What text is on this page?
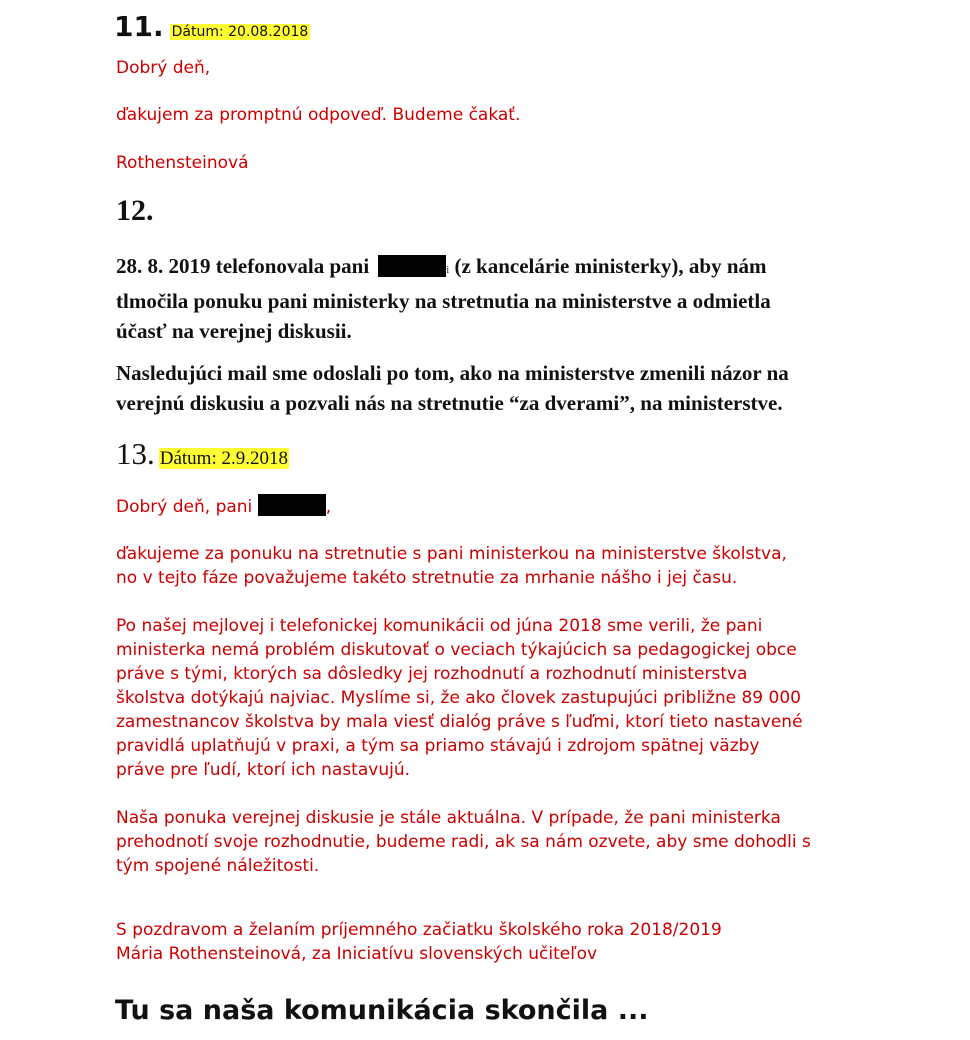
11. Dátum: 20.08.2018
Dobrý deň,
ďakujem za promptnú odpoveď. Budeme čakať.
Rothensteinová
12.
28. 8. 2019 telefonovala pani	i (z kancelárie ministerky), aby nám
tlmočila ponuku pani ministerky na stretnutia na ministerstve a odmietla
účasť na verejnej diskusii.
Nasledujúci mail sme odoslali po tom, ako na ministerstve zmenili názor na
verejnú diskusiu a pozvali nás na stretnutie “za dverami”, na ministerstve.
13. Dátum: 2.9.2018
Dobrý deň, pani	,
ďakujeme za ponuku na stretnutie s pani ministerkou na ministerstve školstva,
no v tejto fáze považujeme takéto stretnutie za mrhanie nášho i jej času.
Po našej mejlovej i telefonickej komunikácii od júna 2018 sme verili, že pani
ministerka nemá problém diskutovať o veciach týkajúcich sa pedagogickej obce
práve s tými, ktorých sa dôsledky jej rozhodnutí a rozhodnutí ministerstva
školstva dotýkajú najviac. Myslíme si, že ako človek zastupujúci približne 89 000
zamestnancov školstva by mala viesť dialóg práve s ľuďmi, ktorí tieto nastavené
pravidlá uplatňujú v praxi, a tým sa priamo stávajú i zdrojom spätnej väzby
práve pre ľudí, ktorí ich nastavujú.
Naša ponuka verejnej diskusie je stále aktuálna. V prípade, že pani ministerka
prehodnotí svoje rozhodnutie, budeme radi, ak sa nám ozvete, aby sme dohodli s
tým spojené náležitosti.
S pozdravom a želaním príjemného začiatku školského roka 2018/2019
Mária Rothensteinová, za Iniciatívu slovenských učiteľov
Tu sa naša komunikácia skončila ...
